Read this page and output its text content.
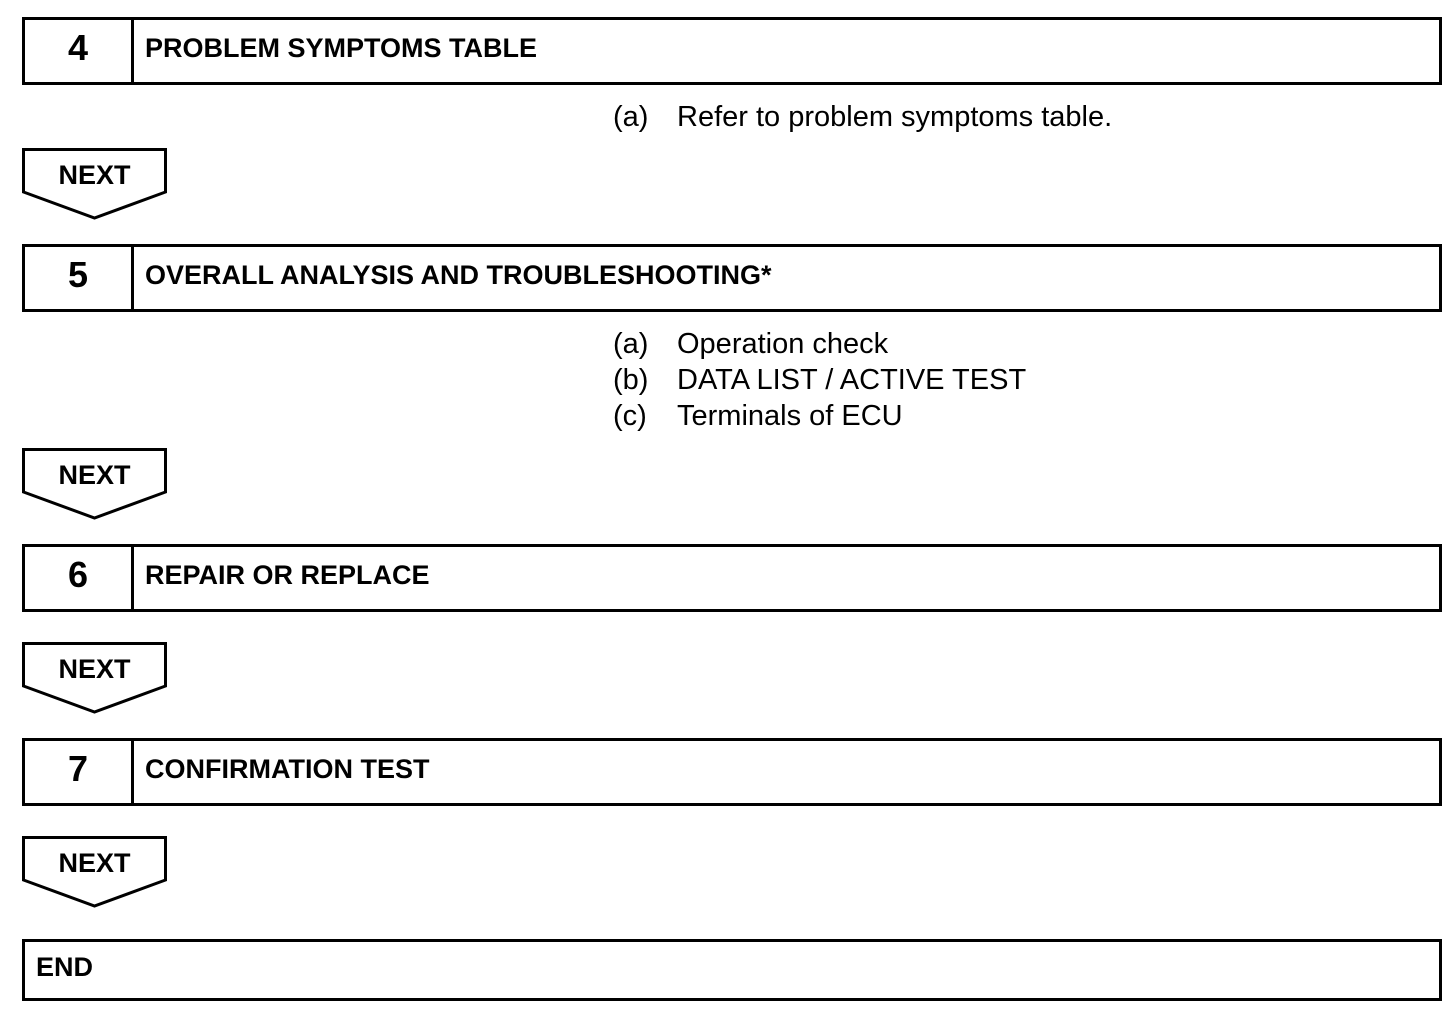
4	PROBLEM SYMPTOMS TABLE
(a) Refer to problem symptoms table.
NEXT
5	OVERALL ANALYSIS AND TROUBLESHOOTING*
(a) Operation check
(b) DATA LIST / ACTIVE TEST
(c)	Terminals of ECU
NEXT
6	REPAIR OR REPLACE
NEXT
7	CONFIRMATION TEST
NEXT
END
